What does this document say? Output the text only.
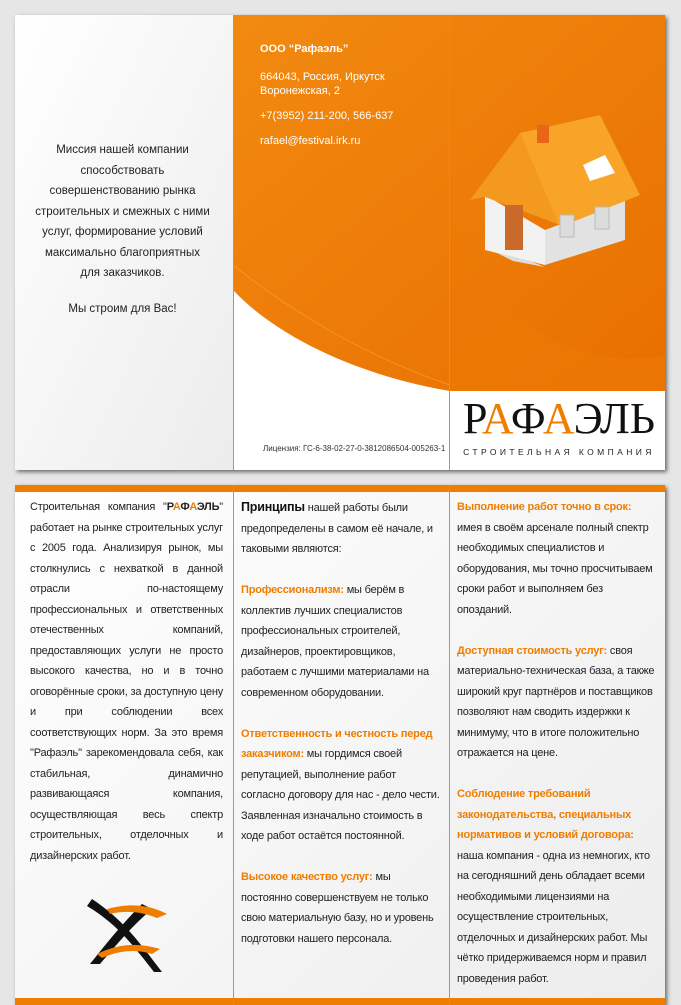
Миссия нашей компании способствовать совершенствованию рынка строительных и смежных с ними услуг, формирование условий максимально благоприятных для заказчиков.
Мы строим для Вас!
ООО “Рафаэль”
664043, Россия, Иркутск
Воронежская, 2
+7(3952) 211-200, 566-637
rafael@festival.irk.ru
Лицензия: ГС-6-38-02-27-0-3812086504-005263-1
РАФАЭЛЬ
СТРОИТЕЛЬНАЯ КОМПАНИЯ

Строительная компания "РАФАЭЛЬ" работает на рынке строительных услуг с 2005 года. Анализируя рынок, мы столкнулись с нехваткой в данной отрасли по-настоящему профессиональных и ответственных отечественных компаний, предоставляющих услуги не просто высокого качества, но и в точно оговорённые сроки, за доступную цену и при соблюдении всех соответствующих норм. За это время "Рафаэль" зарекомендовала себя, как стабильная, динамично развивающаяся компания, осуществляющая весь спектр строительных, отделочных и дизайнерских работ.

Принципы нашей работы были предопределены в самом её начале, и таковыми являются:

Профессионализм: мы берём в коллектив лучших специалистов профессиональных строителей, дизайнеров, проектировщиков, работаем с лучшими материалами на современном оборудовании.

Ответственность и честность перед заказчиком: мы гордимся своей репутацией, выполнение работ согласно договору для нас - дело чести. Заявленная изначально стоимость в ходе работ остаётся постоянной.

Высокое качество услуг: мы постоянно совершенствуем не только свою материальную базу, но и уровень подготовки нашего персонала.

Выполнение работ точно в срок: имея в своём арсенале полный спектр необходимых специалистов и оборудования, мы точно просчитываем сроки работ и выполняем без опозданий.

Доступная стоимость услуг: своя материально-техническая база, а также широкий круг партнёров и поставщиков позволяют нам сводить издержки к минимуму, что в итоге положительно отражается на цене.

Соблюдение требований законодательства, специальных нормативов и условий договора: наша компания - одна из немногих, кто на сегодняшний день обладает всеми необходимыми лицензиями на осуществление строительных, отделочных и дизайнерских работ. Мы чётко придерживаемся норм и правил проведения работ.
